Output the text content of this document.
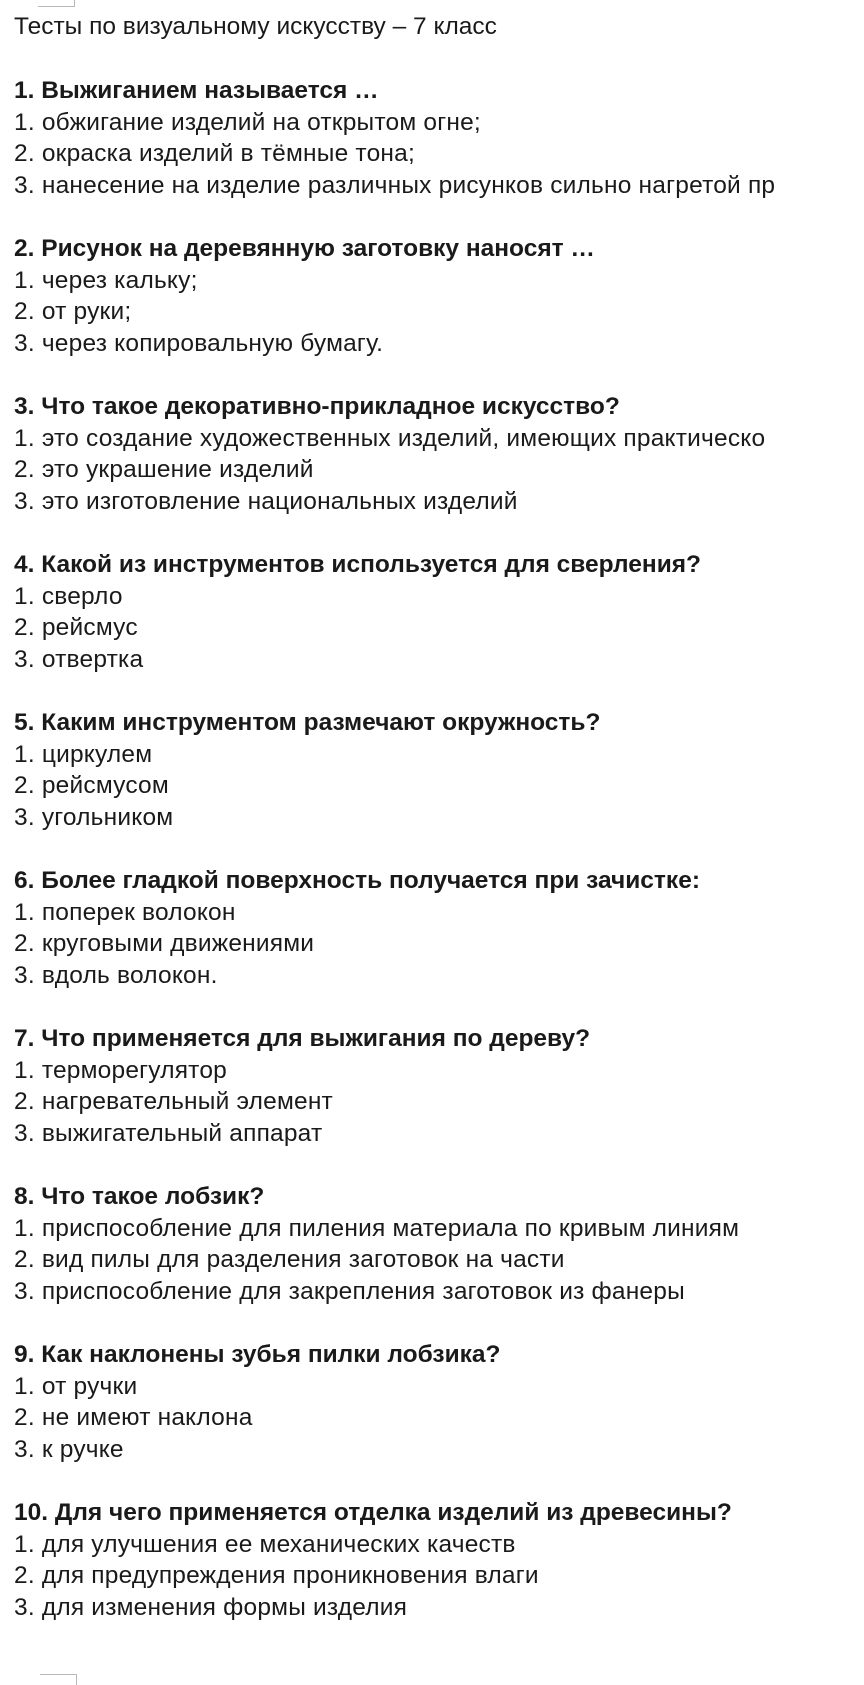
Тесты по визуальному искусству – 7 класс
1. Выжиганием называется …
1. обжигание изделий на открытом огне;
2. окраска изделий в тёмные тона;
3. нанесение на изделие различных рисунков сильно нагретой пр
2. Рисунок на деревянную заготовку наносят …
1. через кальку;
2. от руки;
3. через копировальную бумагу.
3. Что такое декоративно-прикладное искусство?
1. это создание художественных изделий, имеющих практическо
2. это украшение изделий
3. это изготовление национальных изделий
4. Какой из инструментов используется для сверления?
1. сверло
2. рейсмус
3. отвертка
5. Каким инструментом размечают окружность?
1. циркулем
2. рейсмусом
3. угольником
6. Более гладкой поверхность получается при зачистке:
1. поперек волокон
2. круговыми движениями
3. вдоль волокон.
7. Что применяется для выжигания по дереву?
1. терморегулятор
2. нагревательный элемент
3. выжигательный аппарат
8. Что такое лобзик?
1. приспособление для пиления материала по кривым линиям
2. вид пилы для разделения заготовок на части
3. приспособление для закрепления заготовок из фанеры
9. Как наклонены зубья пилки лобзика?
1. от ручки
2. не имеют наклона
3. к ручке
10. Для чего применяется отделка изделий из древесины?
1. для улучшения ее механических качеств
2. для предупреждения проникновения влаги
3. для изменения формы изделия
